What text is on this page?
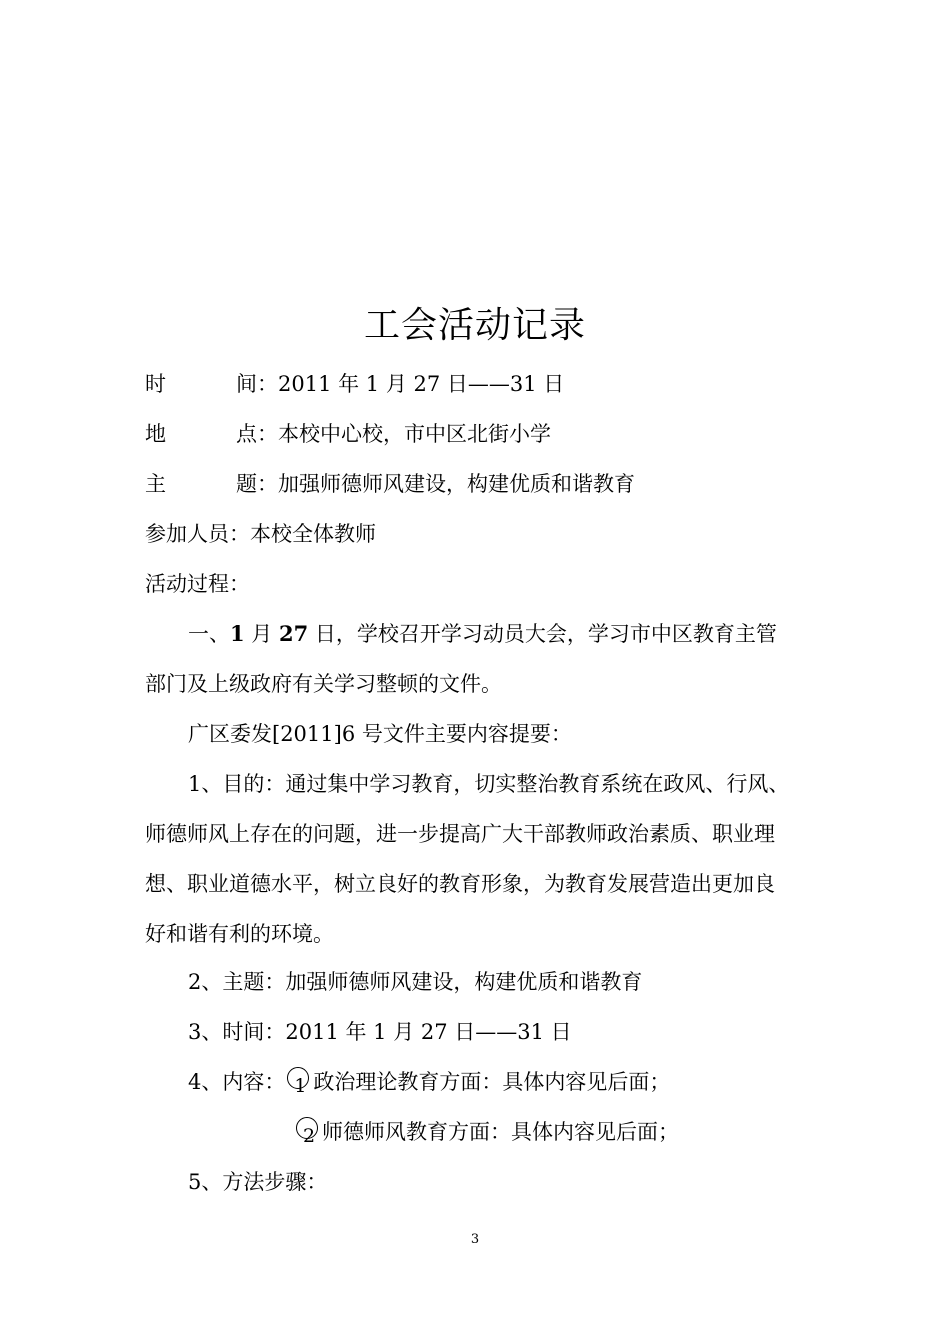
工会活动记录
时间：2011 年 1 月 27 日——31 日
地点：本校中心校，市中区北街小学
主题：加强师德师风建设，构建优质和谐教育
参加人员：本校全体教师
活动过程：
一、1 月 27 日，学校召开学习动员大会，学习市中区教育主管
部门及上级政府有关学习整顿的文件。
广区委发[2011]6 号文件主要内容提要：
1、目的：通过集中学习教育，切实整治教育系统在政风、行风、
师德师风上存在的问题，进一步提高广大干部教师政治素质、职业理
想、职业道德水平，树立良好的教育形象，为教育发展营造出更加良
好和谐有利的环境。
2、主题：加强师德师风建设，构建优质和谐教育
3、时间：2011 年 1 月 27 日——31 日
4、内容： 1 政治理论教育方面：具体内容见后面；
2 师德师风教育方面：具体内容见后面；
5、方法步骤：
3
